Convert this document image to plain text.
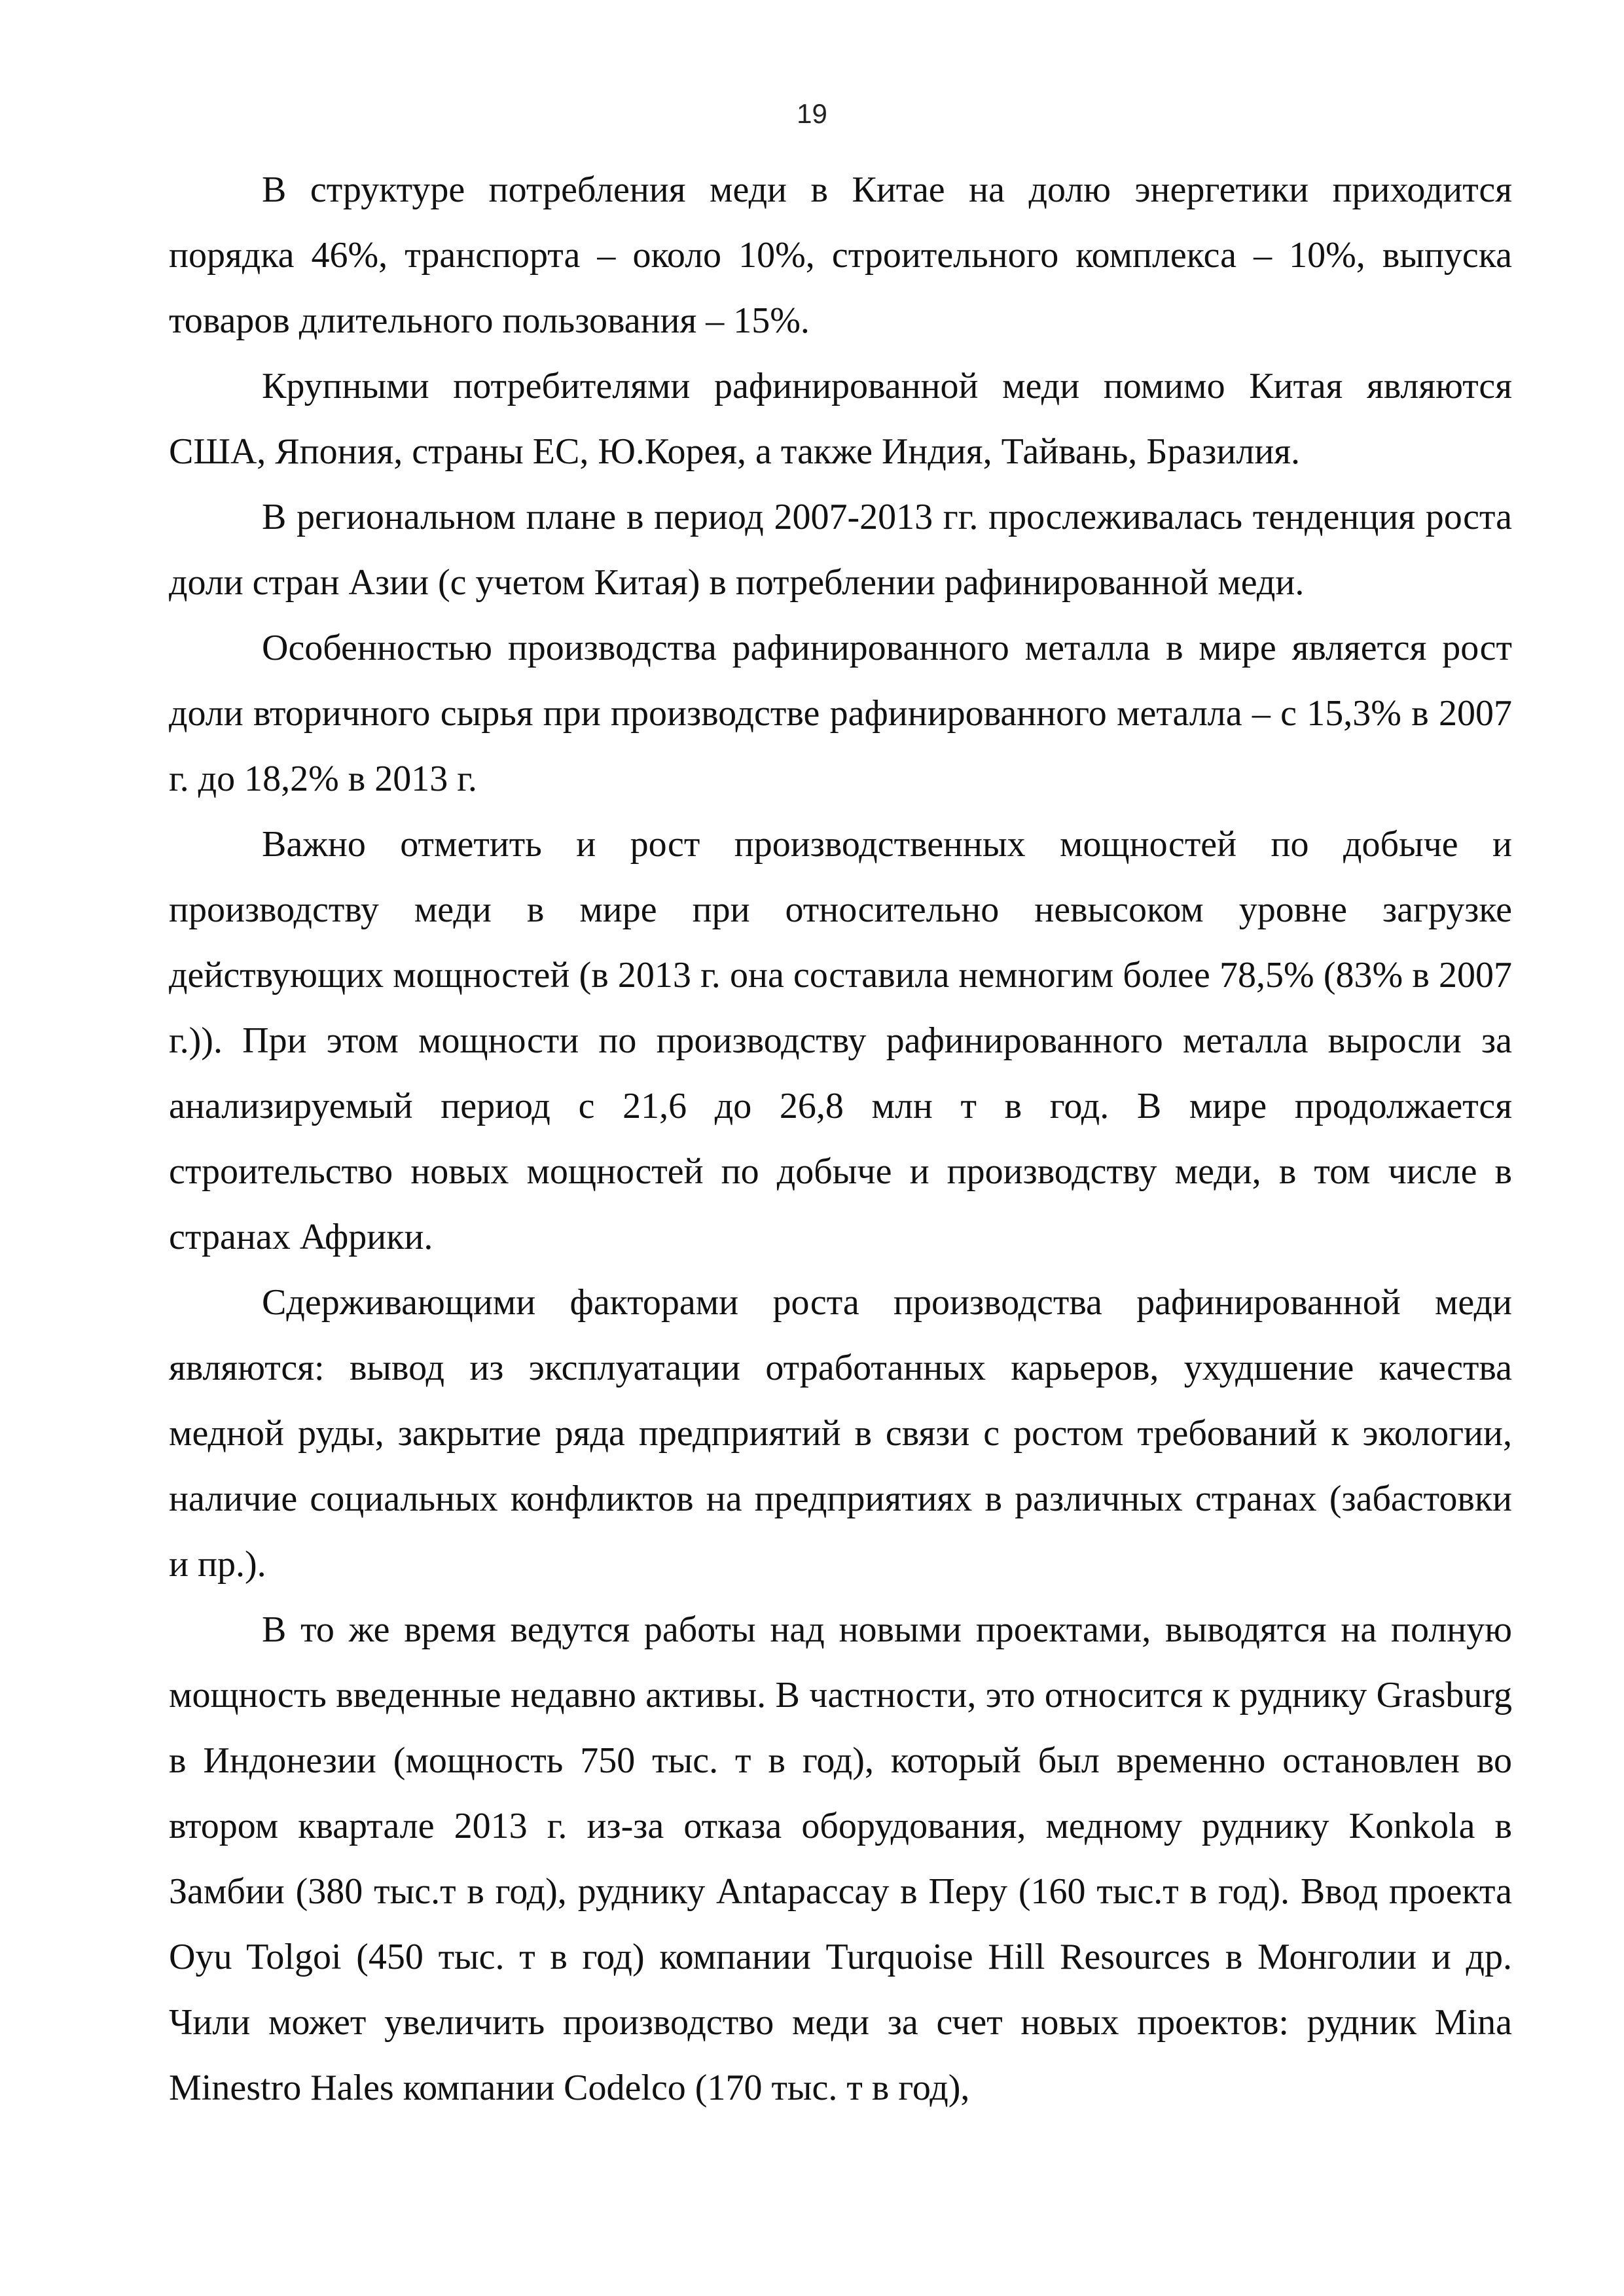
19

В структуре потребления меди в Китае на долю энергетики приходится порядка 46%, транспорта – около 10%, строительного комплекса – 10%, выпуска товаров длительного пользования – 15%.

Крупными потребителями рафинированной меди помимо Китая являются США, Япония, страны ЕС, Ю.Корея, а также Индия, Тайвань, Бразилия.

В региональном плане в период 2007-2013 гг. прослеживалась тенденция роста доли стран Азии (с учетом Китая) в потреблении рафинированной меди.

Особенностью производства рафинированного металла в мире является рост доли вторичного сырья при производстве рафинированного металла – с 15,3% в 2007 г. до 18,2% в 2013 г.

Важно отметить и рост производственных мощностей по добыче и производству меди в мире при относительно невысоком уровне загрузке действующих мощностей (в 2013 г. она составила немногим более 78,5% (83% в 2007 г.)). При этом мощности по производству рафинированного металла выросли за анализируемый период с 21,6 до 26,8 млн т в год. В мире продолжается строительство новых мощностей по добыче и производству меди, в том числе в странах Африки.

Сдерживающими факторами роста производства рафинированной меди являются: вывод из эксплуатации отработанных карьеров, ухудшение качества медной руды, закрытие ряда предприятий в связи с ростом требований к экологии, наличие социальных конфликтов на предприятиях в различных странах (забастовки и пр.).

В то же время ведутся работы над новыми проектами, выводятся на полную мощность введенные недавно активы. В частности, это относится к руднику Grasburg в Индонезии (мощность 750 тыс. т в год), который был временно остановлен во втором квартале 2013 г. из-за отказа оборудования, медному руднику Konkola в Замбии (380 тыс.т в год), руднику Antapaccay в Перу (160 тыс.т в год). Ввод проекта Oyu Tolgoi (450 тыс. т в год) компании Turquoise Hill Resources в Монголии и др. Чили может увеличить производство меди за счет новых проектов: рудник Mina Minestro Hales компании Codelco (170 тыс. т в год),
